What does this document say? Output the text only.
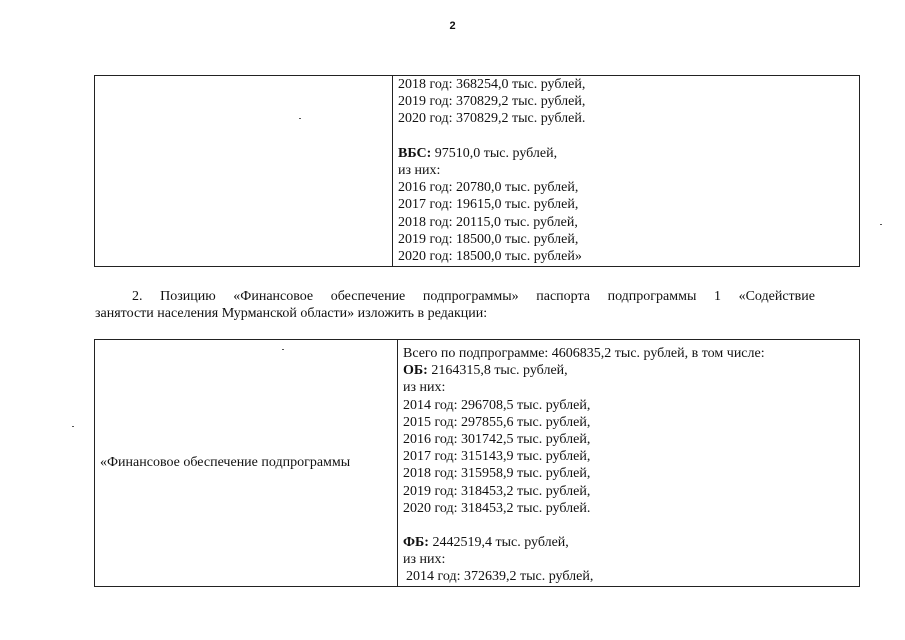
2

2018 год: 368254,0 тыс. рублей,
2019 год: 370829,2 тыс. рублей,
2020 год: 370829,2 тыс. рублей.
ВБС: 97510,0 тыс. рублей,
из них:
2016 год: 20780,0 тыс. рублей,
2017 год: 19615,0 тыс. рублей,
2018 год: 20115,0 тыс. рублей,
2019 год: 18500,0 тыс. рублей,
2020 год: 18500,0 тыс. рублей»
2. Позицию «Финансовое обеспечение подпрограммы» паспорта подпрограммы 1 «Содействие
занятости населения Мурманской области» изложить в редакции:
«Финансовое обеспечение подпрограммы	
Всего по подпрограмме: 4606835,2 тыс. рублей, в том числе:
ОБ: 2164315,8 тыс. рублей,
из них:
2014 год: 296708,5 тыс. рублей,
2015 год: 297855,6 тыс. рублей,
2016 год: 301742,5 тыс. рублей,
2017 год: 315143,9 тыс. рублей,
2018 год: 315958,9 тыс. рублей,
2019 год: 318453,2 тыс. рублей,
2020 год: 318453,2 тыс. рублей.
ФБ: 2442519,4 тыс. рублей,
из них:
2014 год: 372639,2 тыс. рублей,
